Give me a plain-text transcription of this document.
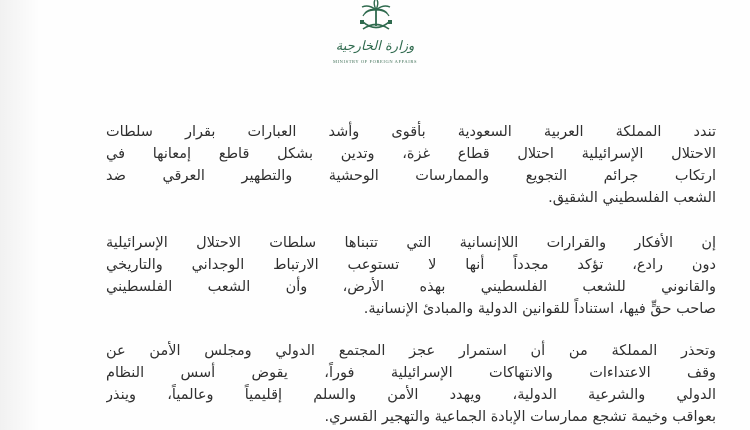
وزارة الخارجية
MINISTRY OF FOREIGN AFFAIRS
تندد المملكة العربية السعودية بأقوى وأشد العبارات بقرار سلطات
الاحتلال الإسرائيلية احتلال قطاع غزة، وتدين بشكل قاطع إمعانها في
ارتكاب جرائم التجويع والممارسات الوحشية والتطهير العرقي ضد
الشعب الفلسطيني الشقيق.
إن الأفكار والقرارات اللاإنسانية التي تتبناها سلطات الاحتلال الإسرائيلية
دون رادع، تؤكد مجدداً أنها لا تستوعب الارتباط الوجداني والتاريخي
والقانوني للشعب الفلسطيني بهذه الأرض، وأن الشعب الفلسطيني
صاحب حقٍّ فيها، استناداً للقوانين الدولية والمبادئ الإنسانية.
وتحذر المملكة من أن استمرار عجز المجتمع الدولي ومجلس الأمن عن
وقف الاعتداءات والانتهاكات الإسرائيلية فوراً، يقوض أسس النظام
الدولي والشرعية الدولية، ويهدد الأمن والسلم إقليمياً وعالمياً، وينذر
بعواقب وخيمة تشجع ممارسات الإبادة الجماعية والتهجير القسري.
